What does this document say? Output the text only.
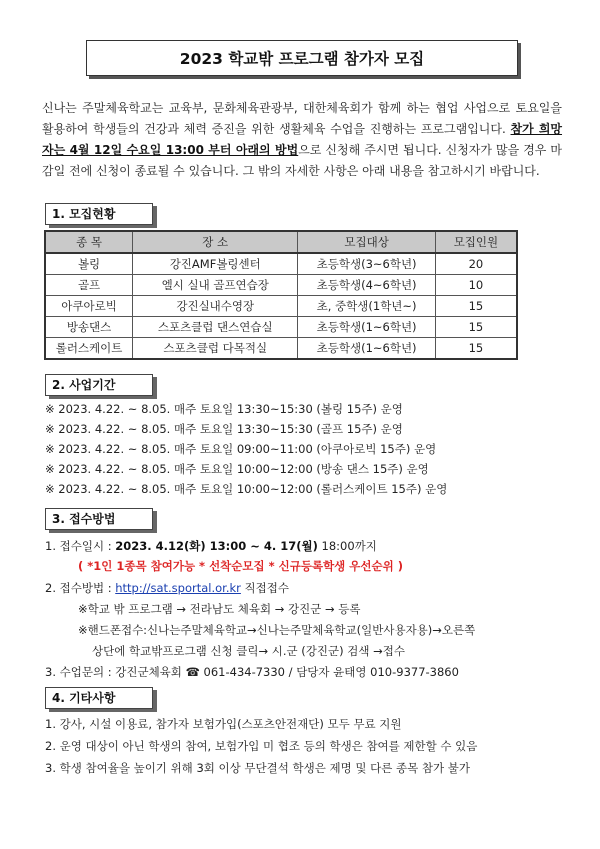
2023 학교밖 프로그램 참가자 모집
신나는 주말체육학교는 교육부, 문화체육관광부, 대한체육회가 함께 하는 협업 사업으로 토요일을 활용하여 학생들의 건강과 체력 증진을 위한 생활체육 수업을 진행하는 프로그램입니다. 참가 희망자는 4월 12일 수요일 13:00 부터 아래의 방법으로 신청해 주시면 됩니다. 신청자가 많을 경우 마감일 전에 신청이 종료될 수 있습니다. 그 밖의 자세한 사항은 아래 내용을 참고하시기 바랍니다.
1. 모집현황
종 목	장 소	모집대상	모집인원
볼링	강진AMF볼링센터	초등학생(3~6학년)	20
골프	엘시 실내 골프연습장	초등학생(4~6학년)	10
아쿠아로빅	강진실내수영장	초, 중학생(1학년~)	15
방송댄스	스포츠클럽 댄스연습실	초등학생(1~6학년)	15
롤러스케이트	스포츠클럽 다목적실	초등학생(1~6학년)	15
2. 사업기간
※ 2023. 4.22. ~ 8.05. 매주 토요일 13:30~15:30 (볼링 15주) 운영
※ 2023. 4.22. ~ 8.05. 매주 토요일 13:30~15:30 (골프 15주) 운영
※ 2023. 4.22. ~ 8.05. 매주 토요일 09:00~11:00 (아쿠아로빅 15주) 운영
※ 2023. 4.22. ~ 8.05. 매주 토요일 10:00~12:00 (방송 댄스 15주) 운영
※ 2023. 4.22. ~ 8.05. 매주 토요일 10:00~12:00 (롤러스케이트 15주) 운영
3. 접수방법
1. 접수일시 : 2023. 4.12(화) 13:00 ~ 4. 17(월) 18:00까지
( *1인 1종목 참여가능 * 선착순모집 * 신규등록학생 우선순위 )
2. 접수방법 : http://sat.sportal.or.kr 직접접수
※학교 밖 프로그램 → 전라남도 체육회 → 강진군 → 등록
※핸드폰접수:신나는주말체육학교→신나는주말체육학교(일반사용자용)→오른쪽
상단에 학교밖프로그램 신청 클릭→ 시.군 (강진군) 검색 →접수
3. 수업문의 : 강진군체육회 ☎ 061-434-7330 / 담당자 윤태영 010-9377-3860
4. 기타사항
1. 강사, 시설 이용료, 참가자 보험가입(스포츠안전재단) 모두 무료 지원
2. 운영 대상이 아닌 학생의 참여, 보험가입 미 협조 등의 학생은 참여를 제한할 수 있음
3. 학생 참여율을 높이기 위해 3회 이상 무단결석 학생은 제명 및 다른 종목 참가 불가
